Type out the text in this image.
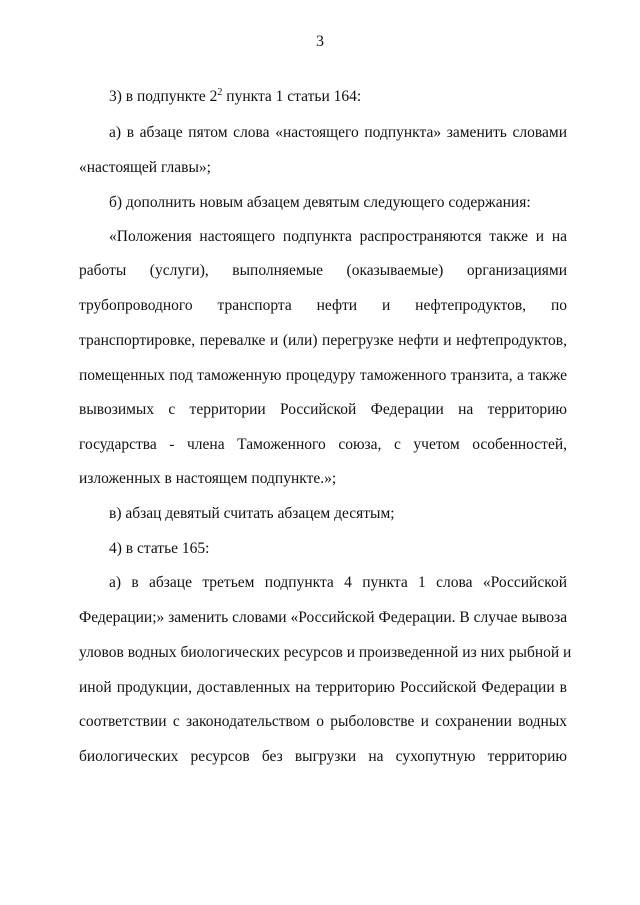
3
3) в подпункте $2^2$ пункта 1 статьи 164:
а) в абзаце пятом слова «настоящего подпункта» заменить словами
«настоящей главы»;
б) дополнить новым абзацем девятым следующего содержания:
«Положения настоящего подпункта распространяются также и на
работы (услуги), выполняемые (оказываемые) организациями
трубопроводного транспорта нефти и нефтепродуктов, по
транспортировке, перевалке и (или) перегрузке нефти и нефтепродуктов,
помещенных под таможенную процедуру таможенного транзита, а также
вывозимых с территории Российской Федерации на территорию
государства - члена Таможенного союза, с учетом особенностей,
изложенных в настоящем подпункте.»;
в) абзац девятый считать абзацем десятым;
4) в статье 165:
а) в абзаце третьем подпункта 4 пункта 1 слова «Российской
Федерации;» заменить словами «Российской Федерации. В случае вывоза
уловов водных биологических ресурсов и произведенной из них рыбной и
иной продукции, доставленных на территорию Российской Федерации в
соответствии с законодательством о рыболовстве и сохранении водных
биологических ресурсов без выгрузки на сухопутную территорию
